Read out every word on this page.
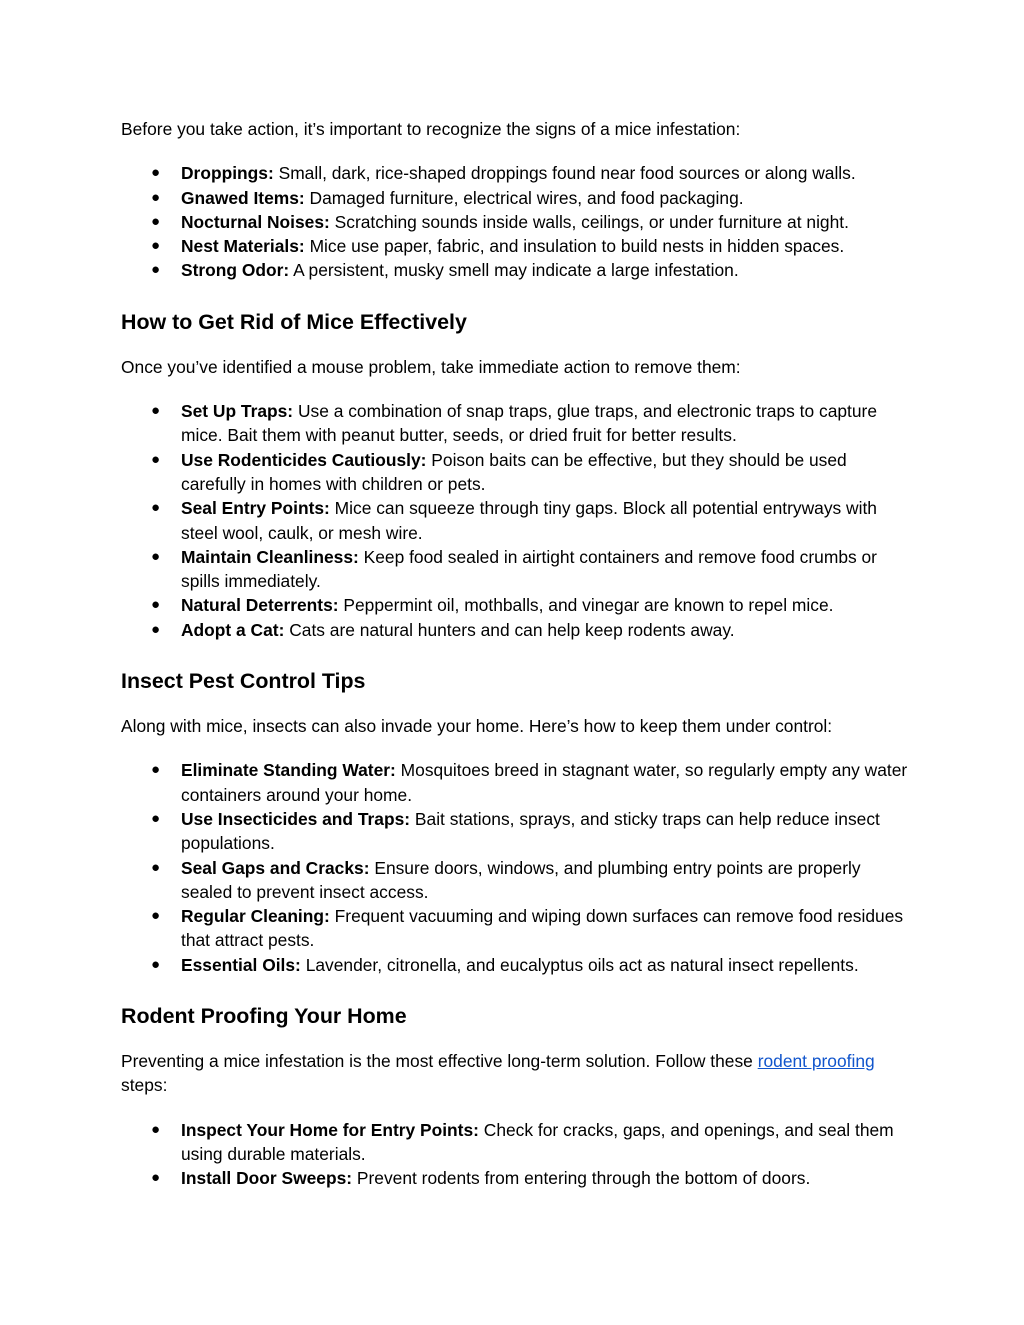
Before you take action, it’s important to recognize the signs of a mice infestation:

● Droppings: Small, dark, rice-shaped droppings found near food sources or along walls.
● Gnawed Items: Damaged furniture, electrical wires, and food packaging.
● Nocturnal Noises: Scratching sounds inside walls, ceilings, or under furniture at night.
● Nest Materials: Mice use paper, fabric, and insulation to build nests in hidden spaces.
● Strong Odor: A persistent, musky smell may indicate a large infestation.
How to Get Rid of Mice Effectively

Once you’ve identified a mouse problem, take immediate action to remove them:

● Set Up Traps: Use a combination of snap traps, glue traps, and electronic traps to capture mice. Bait them with peanut butter, seeds, or dried fruit for better results.
● Use Rodenticides Cautiously: Poison baits can be effective, but they should be used carefully in homes with children or pets.
● Seal Entry Points: Mice can squeeze through tiny gaps. Block all potential entryways with steel wool, caulk, or mesh wire.
● Maintain Cleanliness: Keep food sealed in airtight containers and remove food crumbs or spills immediately.
● Natural Deterrents: Peppermint oil, mothballs, and vinegar are known to repel mice.
● Adopt a Cat: Cats are natural hunters and can help keep rodents away.
Insect Pest Control Tips

Along with mice, insects can also invade your home. Here’s how to keep them under control:

● Eliminate Standing Water: Mosquitoes breed in stagnant water, so regularly empty any water containers around your home.
● Use Insecticides and Traps: Bait stations, sprays, and sticky traps can help reduce insect populations.
● Seal Gaps and Cracks: Ensure doors, windows, and plumbing entry points are properly sealed to prevent insect access.
● Regular Cleaning: Frequent vacuuming and wiping down surfaces can remove food residues that attract pests.
● Essential Oils: Lavender, citronella, and eucalyptus oils act as natural insect repellents.
Rodent Proofing Your Home

Preventing a mice infestation is the most effective long-term solution. Follow these rodent proofing steps:

● Inspect Your Home for Entry Points: Check for cracks, gaps, and openings, and seal them using durable materials.
● Install Door Sweeps: Prevent rodents from entering through the bottom of doors.
